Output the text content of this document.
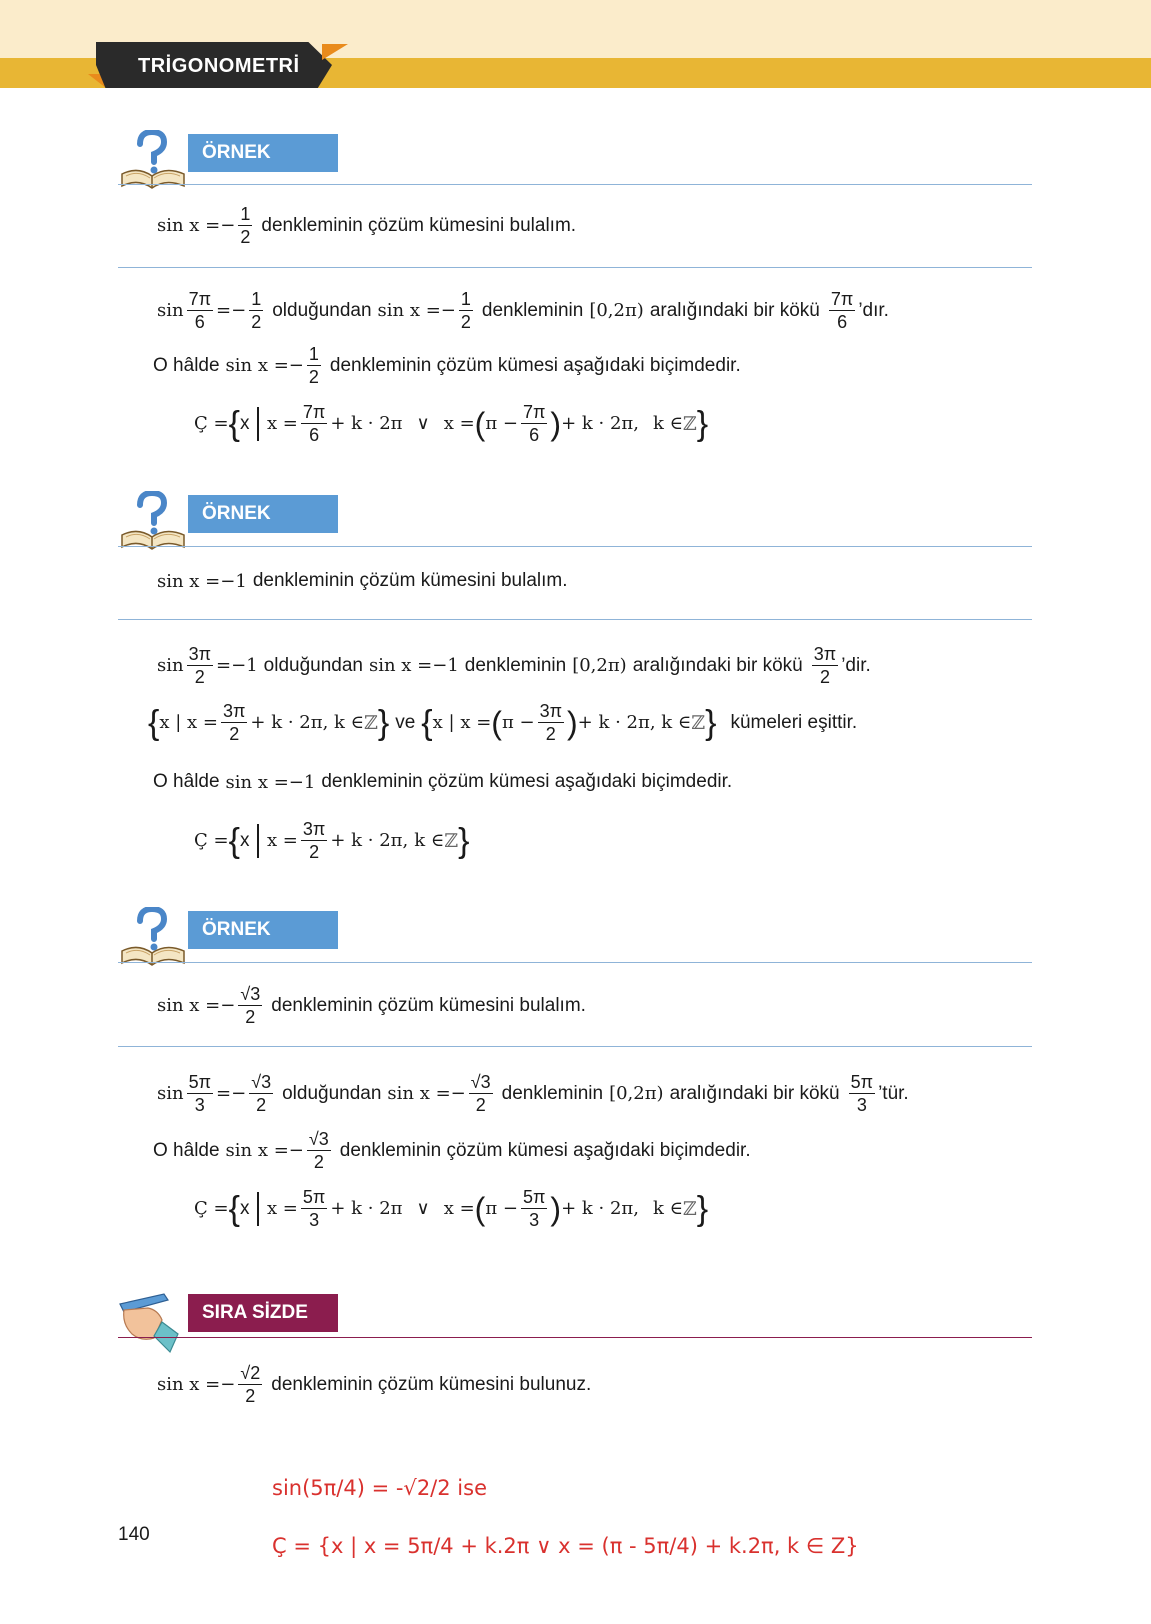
TRİGONOMETRİ
ÖRNEK
$\sin x =- \frac{1}{2}$ denkleminin çözüm kümesini bulalım.
$\sin \frac{7\pi}{6} =- \frac{1}{2}$ olduğundan $\sin x =- \frac{1}{2}$ denkleminin [0,2π) aralığındaki bir kökü $\frac{7\pi}{6}$ ’dır.
O hâlde $\sin x =- \frac{1}{2}$ denkleminin çözüm kümesi aşağıdaki biçimdedir.
Ç = { x $x = \frac{7\pi}{6} + k \cdot 2\pi$ ∨ x = ( $\pi - \frac{7\pi}{6}$ ) + k · 2π, k ∈ ℤ }
ÖRNEK
sin x =−1 denkleminin çözüm kümesini bulalım.
$\sin \frac{3\pi}{2} =-1$ olduğundan sin x =−1 denkleminin [0,2π) aralığındaki bir kökü $\frac{3\pi}{2}$ ’dir.
{ x | $x = \frac{3\pi}{2} + k \cdot 2\pi$, k ∈ ℤ } ve { x | x = ( $\pi - \frac{3\pi}{2}$ ) + k · 2π, k ∈ ℤ } kümeleri eşittir.
O hâlde sin x =−1 denkleminin çözüm kümesi aşağıdaki biçimdedir.
Ç = { x $x = \frac{3\pi}{2} + k \cdot 2\pi$, k ∈ ℤ }
ÖRNEK
$\sin x =- \frac{√3}{2}$ denkleminin çözüm kümesini bulalım.
$\sin \frac{5\pi}{3} =- \frac{√3}{2}$ olduğundan $\sin x =- \frac{√3}{2}$ denkleminin [0,2π) aralığındaki bir kökü $\frac{5\pi}{3}$ ’tür.
O hâlde $\sin x =- \frac{√3}{2}$ denkleminin çözüm kümesi aşağıdaki biçimdedir.
Ç = { x $x = \frac{5\pi}{3} + k \cdot 2\pi$ ∨ x = ( $\pi - \frac{5\pi}{3}$ ) + k · 2π, k ∈ ℤ }
SIRA SİZDE
$\sin x =- \frac{√2}{2}$ denkleminin çözüm kümesini bulunuz.
sin(5π/4) = -√2/2 ise
Ç = {x | x = 5π/4 + k.2π ∨ x = (π - 5π/4) + k.2π, k ∈ Z}
140
